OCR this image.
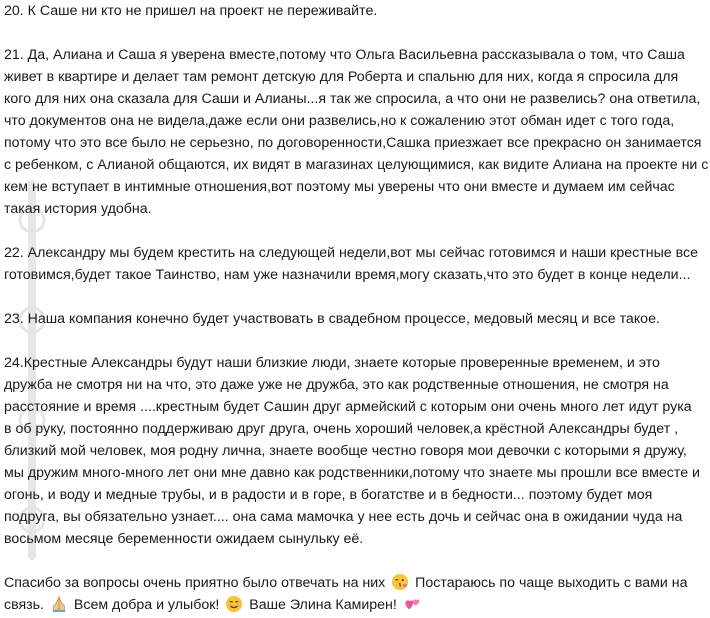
20. К Саше ни кто не пришел на проект не переживайте.

21. Да, Алиана и Саша я уверена вместе,потому что Ольга Васильевна рассказывала о том, что Саша
живет в квартире и делает там ремонт детскую для Роберта и спальню для них, когда я спросила для
кого для них она сказала для Саши и Алианы...я так же спросила, а что они не развелись? она ответила,
что документов она не видела,даже если они развелись,но к сожалению этот обман идет с того года,
потому что это все было не серьезно, по договоренности,Сашка приезжает все прекрасно он занимается
с ребенком, с Алианой общаются, их видят в магазинах целующимися, как видите Алиана на проекте ни с
кем не вступает в интимные отношения,вот поэтому мы уверены что они вместе и думаем им сейчас
такая история удобна.

22. Александру мы будем крестить на следующей недели,вот мы сейчас готовимся и наши крестные все
готовимся,будет такое Таинство, нам уже назначили время,могу сказать,что это будет в конце недели...

23. Наша компания конечно будет участвовать в свадебном процессе, медовый месяц и все такое.

24.Крестные Александры будут наши близкие люди, знаете которые проверенные временем, и это
дружба не смотря ни на что, это даже уже не дружба, это как родственные отношения, не смотря на
расстояние и время ....крестным будет Сашин друг армейский с которым они очень много лет идут рука
в об руку, постоянно поддерживаю друг друга, очень хороший человек,а крёстной Александры будет ,
близкий мой человек, моя родну лична, знаете вообще честно говоря мои девочки с которыми я дружу,
мы дружим много-много лет они мне давно как родственники,потому что знаете мы прошли все вместе и
огонь, и воду и медные трубы, и в радости и в горе, в богатстве и в бедности... поэтому будет моя
подруга, вы обязательно узнает.... она сама мамочка у нее есть дочь и сейчас она в ожидании чуда на
восьмом месяце беременности ожидаем сынульку её.

Спасибо за вопросы очень приятно было отвечать на них Постараюсь по чаще выходить с вами на
связь. Всем добра и улыбок! Ваше Элина Камирен!
